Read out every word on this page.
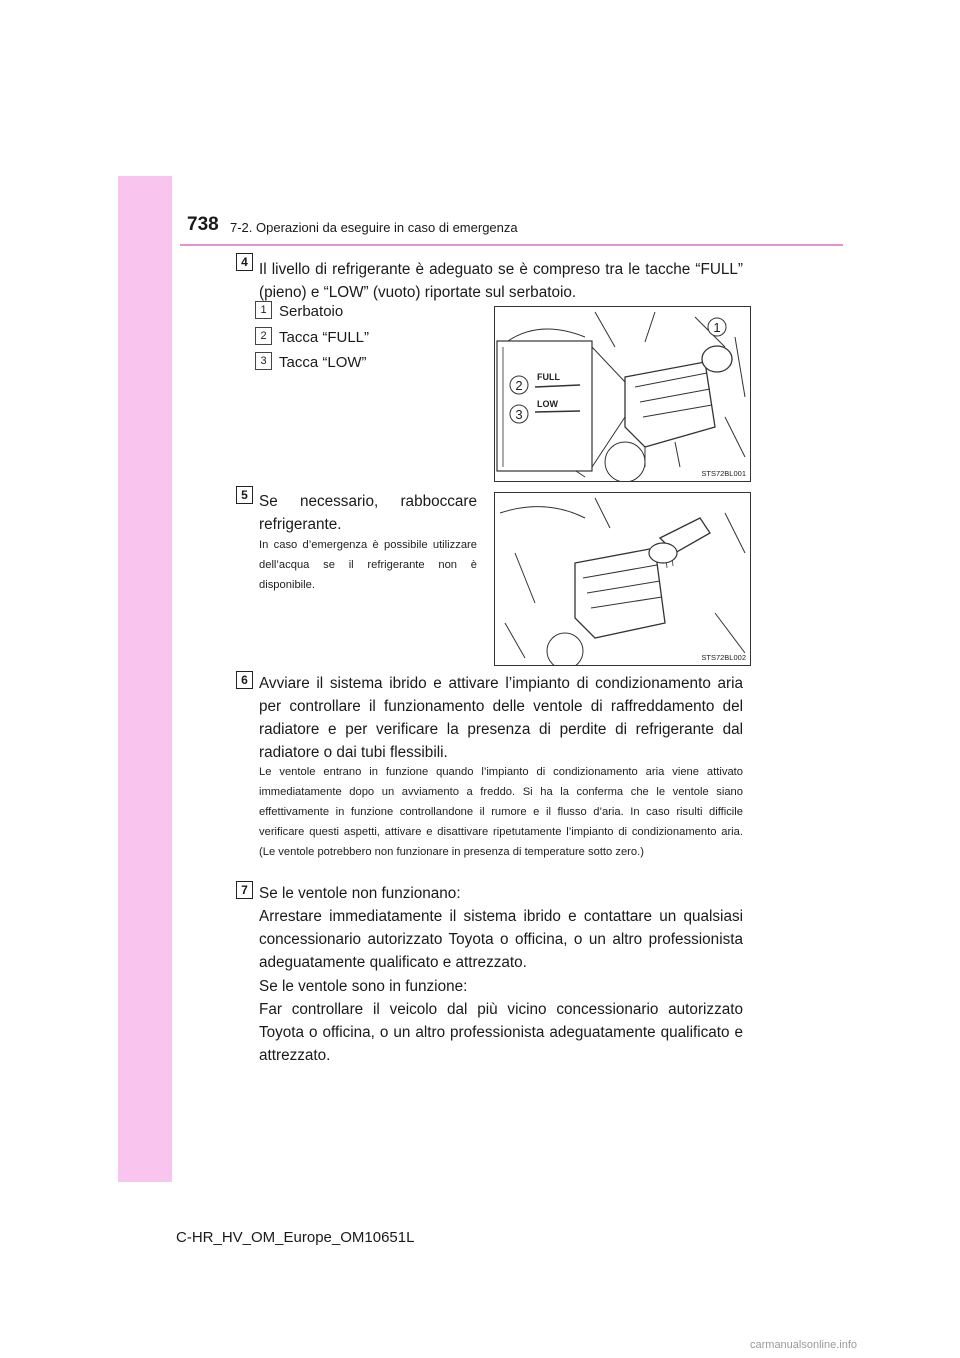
738 7-2. Operazioni da eseguire in caso di emergenza
4 Il livello di refrigerante è adeguato se è compreso tra le tacche “FULL” (pieno) e “LOW” (vuoto) riportate sul serbatoio.
1 Serbatoio
2 Tacca “FULL”
3 Tacca “LOW”
1
FULL
LOW
2
3
STS72BL001
5 Se necessario, rabboccare refrigerante.
In caso d’emergenza è possibile utilizzare dell’acqua se il refrigerante non è disponibile.
STS72BL002
6 Avviare il sistema ibrido e attivare l’impianto di condizionamento aria per controllare il funzionamento delle ventole di raffreddamento del radiatore e per verificare la presenza di perdite di refrigerante dal radiatore o dai tubi flessibili.
Le ventole entrano in funzione quando l’impianto di condizionamento aria viene attivato immediatamente dopo un avviamento a freddo. Si ha la conferma che le ventole siano effettivamente in funzione controllandone il rumore e il flusso d’aria. In caso risulti difficile verificare questi aspetti, attivare e disattivare ripetutamente l’impianto di condizionamento aria. (Le ventole potrebbero non funzionare in presenza di temperature sotto zero.)
7 Se le ventole non funzionano:
Arrestare immediatamente il sistema ibrido e contattare un qualsiasi concessionario autorizzato Toyota o officina, o un altro professionista adeguatamente qualificato e attrezzato.
Se le ventole sono in funzione:
Far controllare il veicolo dal più vicino concessionario autorizzato Toyota o officina, o un altro professionista adeguatamente qualificato e attrezzato.
C-HR_HV_OM_Europe_OM10651L
carmanualsonline.info
